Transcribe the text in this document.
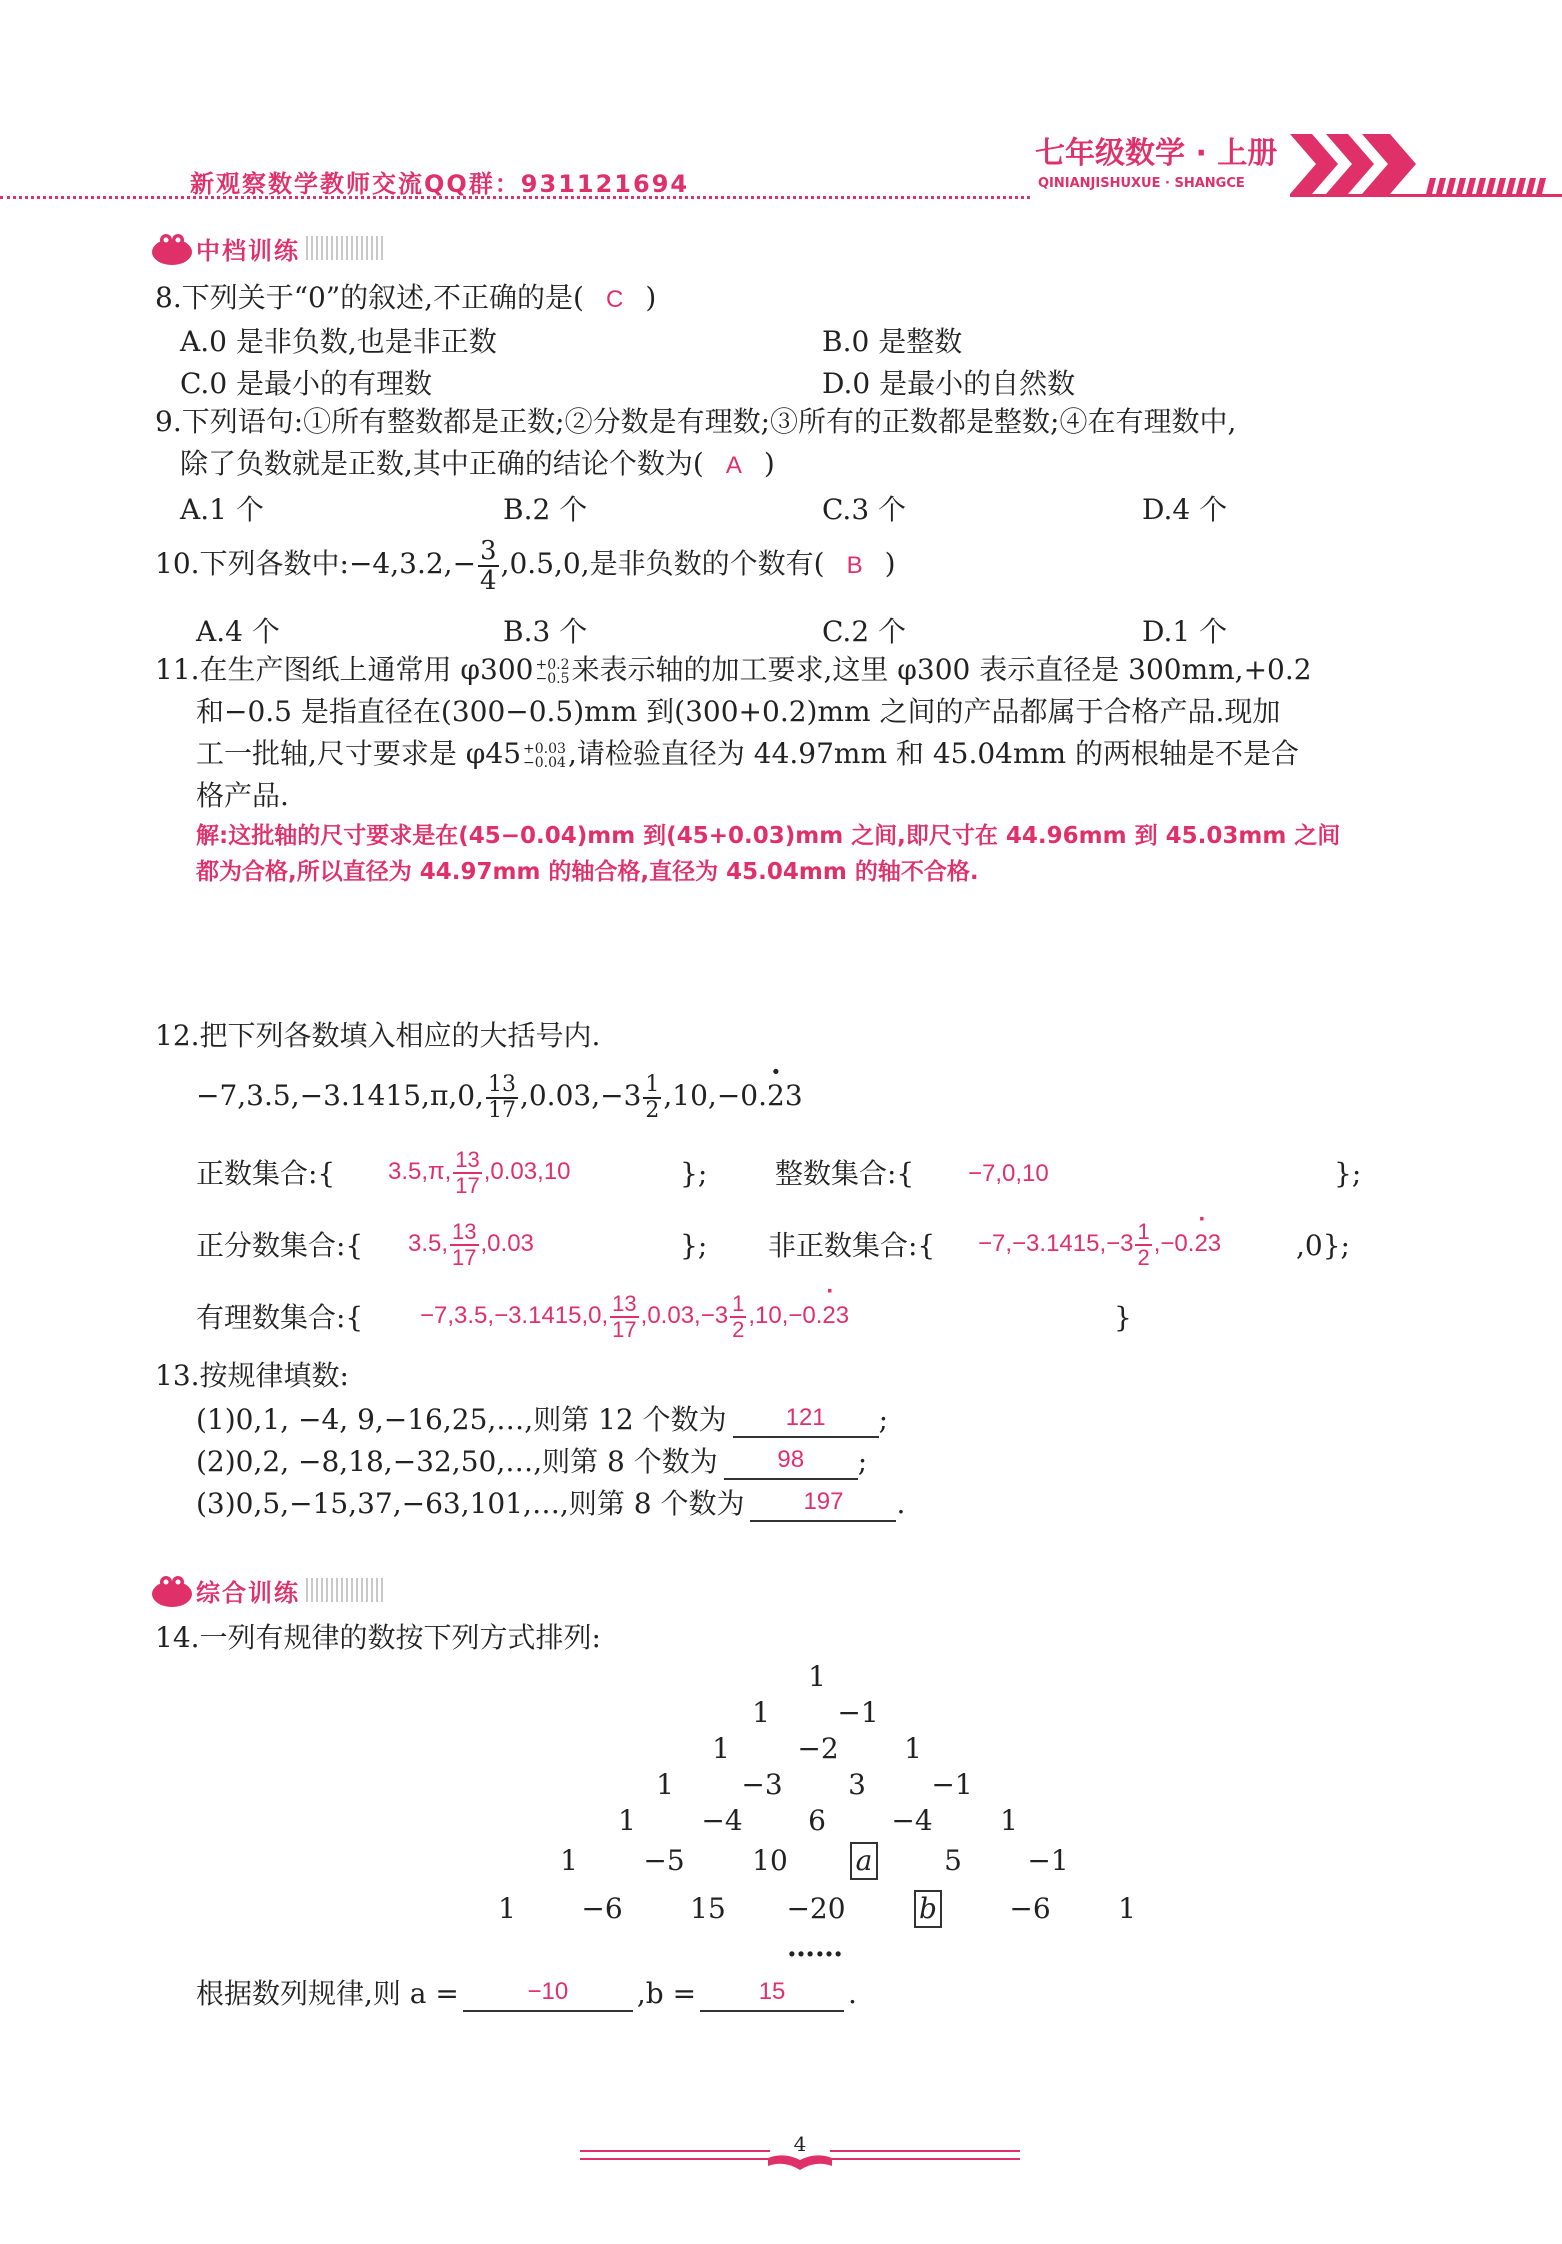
新观察数学教师交流QQ群：931121694
七年级数学 · 上册
QINIANJISHUXUE · SHANGCE
中档训练
8.下列关于“0”的叙述,不正确的是( C )
A.0 是非负数,也是非正数	B.0 是整数
C.0 是最小的有理数	D.0 是最小的自然数
9.下列语句:①所有整数都是正数;②分数是有理数;③所有的正数都是整数;④在有理数中,
除了负数就是正数,其中正确的结论个数为( A )
A.1 个	B.2 个	C.3 个	D.4 个
10.下列各数中:−4,3.2,− $\frac{3}{4} ,0.5,0$,是非负数的个数有( B )
A.4 个	B.3 个	C.2 个	D.1 个
11.在生产图纸上通常用 φ300 +0.2
−0.5 来表示轴的加工要求,这里 φ300 表示直径是 300mm,+0.2
和−0.5 是指直径在(300−0.5)mm 到(300+0.2)mm 之间的产品都属于合格产品.现加
工一批轴,尺寸要求是 φ45 +0.03
−0.04 ,请检验直径为 44.97mm 和 45.04mm 的两根轴是不是合
格产品.
解:这批轴的尺寸要求是在(45−0.04)mm 到(45+0.03)mm 之间,即尺寸在 44.96mm 到 45.03mm 之间
都为合格,所以直径为 44.97mm 的轴合格,直径为 45.04mm 的轴不合格.
12.把下列各数填入相应的大括号内.
−7,3.5,−3.1415,π,0, $\frac{13}{17} ,0.03,-3 \frac{1}{2} ,10,-0.\cdot 23$
正数集合:{ 3.5,π, $\frac{13}{17} ,0.03,10$	}; 整数集合:{ −7,0,10	};
正分数集合:{ 3.5, $\frac{13}{17} ,0.03$	}; 非正数集合:{ $-7,-3.1415,-3 \frac{1}{2} ,-0.\cdot 23$	,0};
有理数集合:{ −7,3.5,−3.1415,0, $\frac{13}{17} ,0.03,-3 \frac{1}{2} ,10,-0.\cdot 23$	}
13.按规律填数:
(1)0,1, −4, 9,−16,25,…,则第 12 个数为 121 ;
(2)0,2, −8,18,−32,50,…,则第 8 个数为 98 ;
(3)0,5,−15,37,−63,101,…,则第 8 个数为 197 .
综合训练
14.一列有规律的数按下列方式排列:
1
1 −1
1 −2 1
1 −3 3 −1
1 −4 6 −4 1
1 −5 10 a	5 −1
1 −6 15 −20	b	−6 1
……
根据数列规律,则 a =	−10 ,b =	15 .
4
